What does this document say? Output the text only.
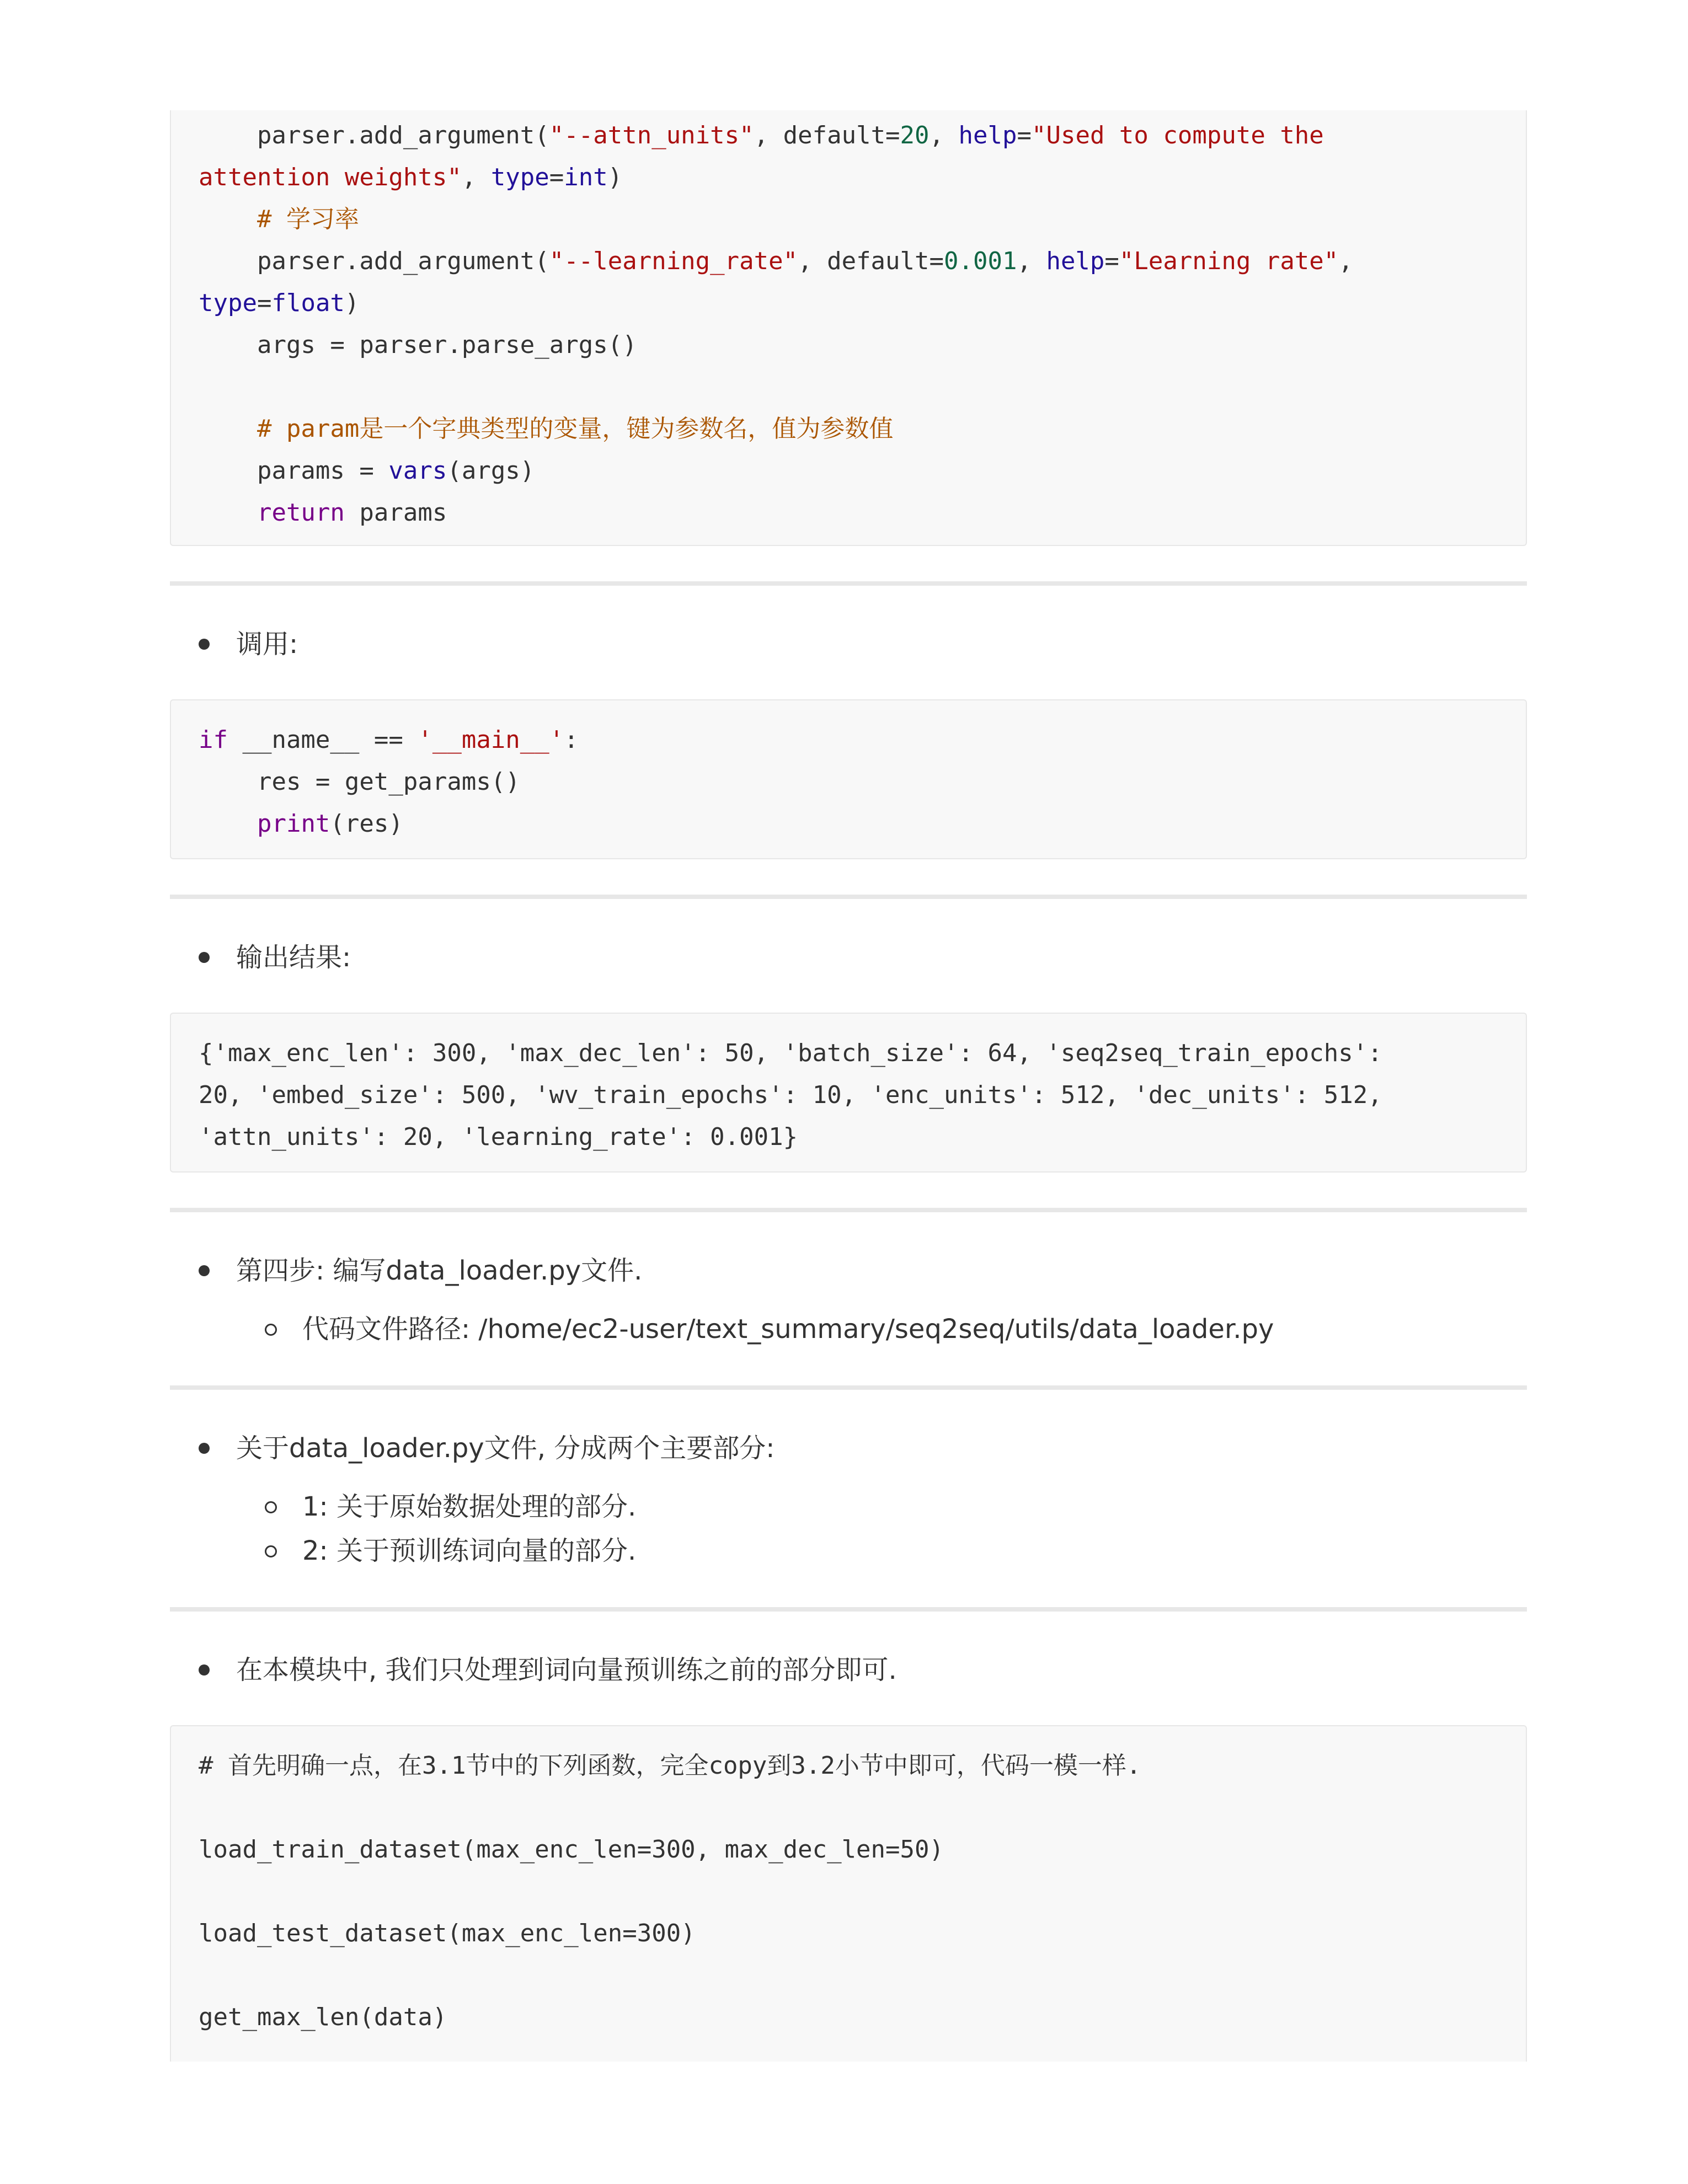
parser.add_argument("--attn_units", default=20, help="Used to compute the
attention weights", type=int)
# 学习率
parser.add_argument("--learning_rate", default=0.001, help="Learning rate",
type=float)
args = parser.parse_args()
# param是一个字典类型的变量，键为参数名，值为参数值
params = vars(args)
return params
调用:
if __name__ == '__main__':
res = get_params()
print(res)
输出结果:
{'max_enc_len': 300, 'max_dec_len': 50, 'batch_size': 64, 'seq2seq_train_epochs':
20, 'embed_size': 500, 'wv_train_epochs': 10, 'enc_units': 512, 'dec_units': 512,
'attn_units': 20, 'learning_rate': 0.001}
第四步: 编写data_loader.py文件.
代码文件路径: /home/ec2-user/text_summary/seq2seq/utils/data_loader.py
关于data_loader.py文件, 分成两个主要部分:
1: 关于原始数据处理的部分.
2: 关于预训练词向量的部分.
在本模块中, 我们只处理到词向量预训练之前的部分即可.
# 首先明确一点，在3.1节中的下列函数，完全copy到3.2小节中即可，代码一模一样.
load_train_dataset(max_enc_len=300, max_dec_len=50)
load_test_dataset(max_enc_len=300)
get_max_len(data)
